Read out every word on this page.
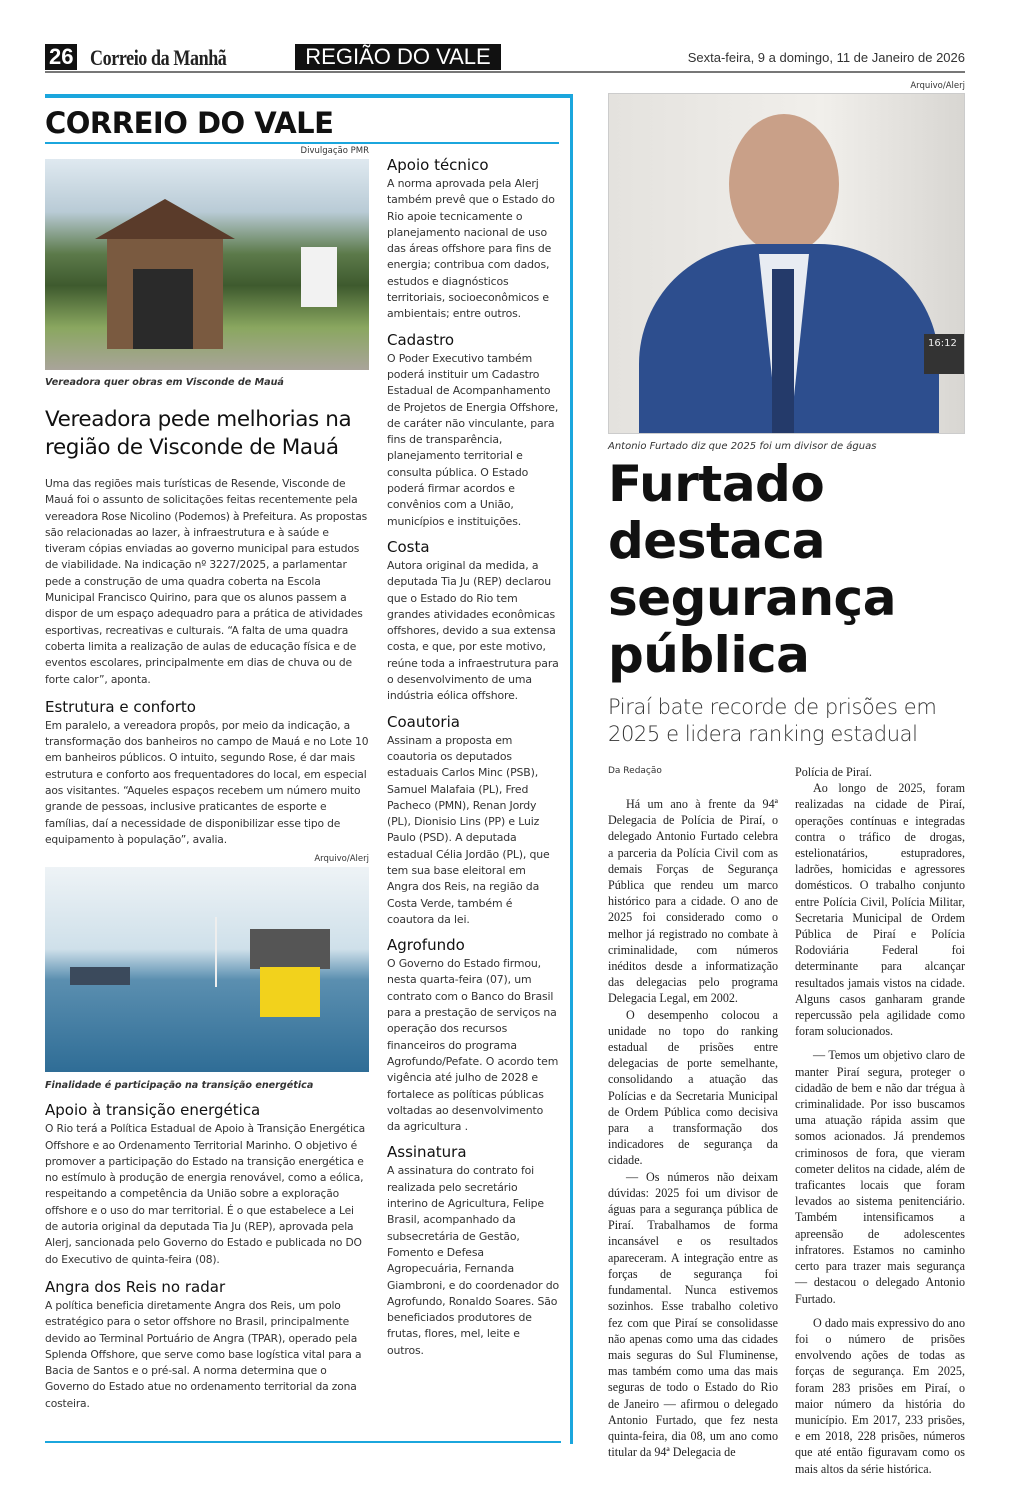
26 Correio da Manhã	REGIÃO DO VALE	Sexta-feira, 9 a domingo, 11 de Janeiro de 2026
CORREIO DO VALE
Divulgação PMR
Vereadora quer obras em Visconde de Mauá
Vereadora pede melhorias na região de Visconde de Mauá

Uma das regiões mais turísticas de Resende, Visconde de Mauá foi o assunto de solicitações feitas recentemente pela vereadora Rose Nicolino (Podemos) à Prefeitura. As propostas são relacionadas ao lazer, à infraestrutura e à saúde e tiveram cópias enviadas ao governo municipal para estudos de viabilidade. Na indicação nº 3227/2025, a parlamentar pede a construção de uma quadra coberta na Escola Municipal Francisco Quirino, para que os alunos passem a dispor de um espaço adequadro para a prática de atividades esportivas, recreativas e culturais. “A falta de uma quadra coberta limita a realização de aulas de educação física e de eventos escolares, principalmente em dias de chuva ou de forte calor”, aponta.

Estrutura e conforto

Em paralelo, a vereadora propôs, por meio da indicação, a transformação dos banheiros no campo de Mauá e no Lote 10 em banheiros públicos. O intuito, segundo Rose, é dar mais estrutura e conforto aos frequentadores do local, em especial aos visitantes. “Aqueles espaços recebem um número muito grande de pessoas, inclusive praticantes de esporte e famílias, daí a necessidade de disponibilizar esse tipo de equipamento à população”, avalia.

Arquivo/Alerj
Finalidade é participação na transição energética
Apoio à transição energética

O Rio terá a Política Estadual de Apoio à Transição Energética Offshore e ao Ordenamento Territorial Marinho. O objetivo é promover a participação do Estado na transição energética e no estímulo à produção de energia renovável, como a eólica, respeitando a competência da União sobre a exploração offshore e o uso do mar territorial. É o que estabelece a Lei de autoria original da deputada Tia Ju (REP), aprovada pela Alerj, sancionada pelo Governo do Estado e publicada no DO do Executivo de quinta-feira (08).

Angra dos Reis no radar

A política beneficia diretamente Angra dos Reis, um polo estratégico para o setor offshore no Brasil, principalmente devido ao Terminal Portuário de Angra (TPAR), operado pela Splenda Offshore, que serve como base logística vital para a Bacia de Santos e o pré-sal. A norma determina que o Governo do Estado atue no ordenamento territorial da zona costeira.

Apoio técnico

A norma aprovada pela Alerj também prevê que o Estado do Rio apoie tecnicamente o planejamento nacional de uso das áreas offshore para fins de energia; contribua com dados, estudos e diagnósticos territoriais, socioeconômicos e ambientais; entre outros.

Cadastro

O Poder Executivo também poderá instituir um Cadastro Estadual de Acompanhamento de Projetos de Energia Offshore, de caráter não vinculante, para fins de transparência, planejamento territorial e consulta pública. O Estado poderá firmar acordos e convênios com a União, municípios e instituições.

Costa

Autora original da medida, a deputada Tia Ju (REP) declarou que o Estado do Rio tem grandes atividades econômicas offshores, devido a sua extensa costa, e que, por este motivo, reúne toda a infraestrutura para o desenvolvimento de uma indústria eólica offshore.

Coautoria

Assinam a proposta em coautoria os deputados estaduais Carlos Minc (PSB), Samuel Malafaia (PL), Fred Pacheco (PMN), Renan Jordy (PL), Dionisio Lins (PP) e Luiz Paulo (PSD). A deputada estadual Célia Jordão (PL), que tem sua base eleitoral em Angra dos Reis, na região da Costa Verde, também é coautora da lei.

Agrofundo

O Governo do Estado firmou, nesta quarta-feira (07), um contrato com o Banco do Brasil para a prestação de serviços na operação dos recursos financeiros do programa Agrofundo/Pefate. O acordo tem vigência até julho de 2028 e fortalece as políticas públicas voltadas ao desenvolvimento da agricultura .

Assinatura

A assinatura do contrato foi realizada pelo secretário interino de Agricultura, Felipe Brasil, acompanhado da subsecretária de Gestão, Fomento e Defesa Agropecuária, Fernanda Giambroni, e do coordenador do Agrofundo, Ronaldo Soares. São beneficiados produtores de frutas, flores, mel, leite e outros.

Arquivo/Alerj
16:12
Antonio Furtado diz que 2025 foi um divisor de águas
Furtado destaca segurança pública
Piraí bate recorde de prisões em 2025 e lidera ranking estadual
Da Redação

Há um ano à frente da 94ª Delegacia de Polícia de Piraí, o delegado Antonio Furtado celebra a parceria da Polícia Civil com as demais Forças de Segurança Pública que rendeu um marco histórico para a cidade. O ano de 2025 foi considerado como o melhor já registrado no combate à criminalidade, com números inéditos desde a informatização das delegacias pelo programa Delegacia Legal, em 2002.

O desempenho colocou a unidade no topo do ranking estadual de prisões entre delegacias de porte semelhante, consolidando a atuação das Polícias e da Secretaria Municipal de Ordem Pública como decisiva para a transformação dos indicadores de segurança da cidade.

— Os números não deixam dúvidas: 2025 foi um divisor de águas para a segurança pública de Piraí. Trabalhamos de forma incansável e os resultados apareceram. A integração entre as forças de segurança foi fundamental. Nunca estivemos sozinhos. Esse trabalho coletivo fez com que Piraí se consolidasse não apenas como uma das cidades mais seguras do Sul Fluminense, mas também como uma das mais seguras de todo o Estado do Rio de Janeiro — afirmou o delegado Antonio Furtado, que fez nesta quinta-feira, dia 08, um ano como titular da 94ª Delegacia de

Polícia de Piraí.

Ao longo de 2025, foram realizadas na cidade de Piraí, operações contínuas e integradas contra o tráfico de drogas, estelionatários, estupradores, ladrões, homicidas e agressores domésticos. O trabalho conjunto entre Polícia Civil, Polícia Militar, Secretaria Municipal de Ordem Pública de Piraí e Polícia Rodoviária Federal foi determinante para alcançar resultados jamais vistos na cidade. Alguns casos ganharam grande repercussão pela agilidade como foram solucionados.

— Temos um objetivo claro de manter Piraí segura, proteger o cidadão de bem e não dar trégua à criminalidade. Por isso buscamos uma atuação rápida assim que somos acionados. Já prendemos criminosos de fora, que vieram cometer delitos na cidade, além de traficantes locais que foram levados ao sistema penitenciário. Também intensificamos a apreensão de adolescentes infratores. Estamos no caminho certo para trazer mais segurança — destacou o delegado Antonio Furtado.

O dado mais expressivo do ano foi o número de prisões envolvendo ações de todas as forças de segurança. Em 2025, foram 283 prisões em Piraí, o maior número da história do município. Em 2017, 233 prisões, e em 2018, 228 prisões, números que até então figuravam como os mais altos da série histórica.
